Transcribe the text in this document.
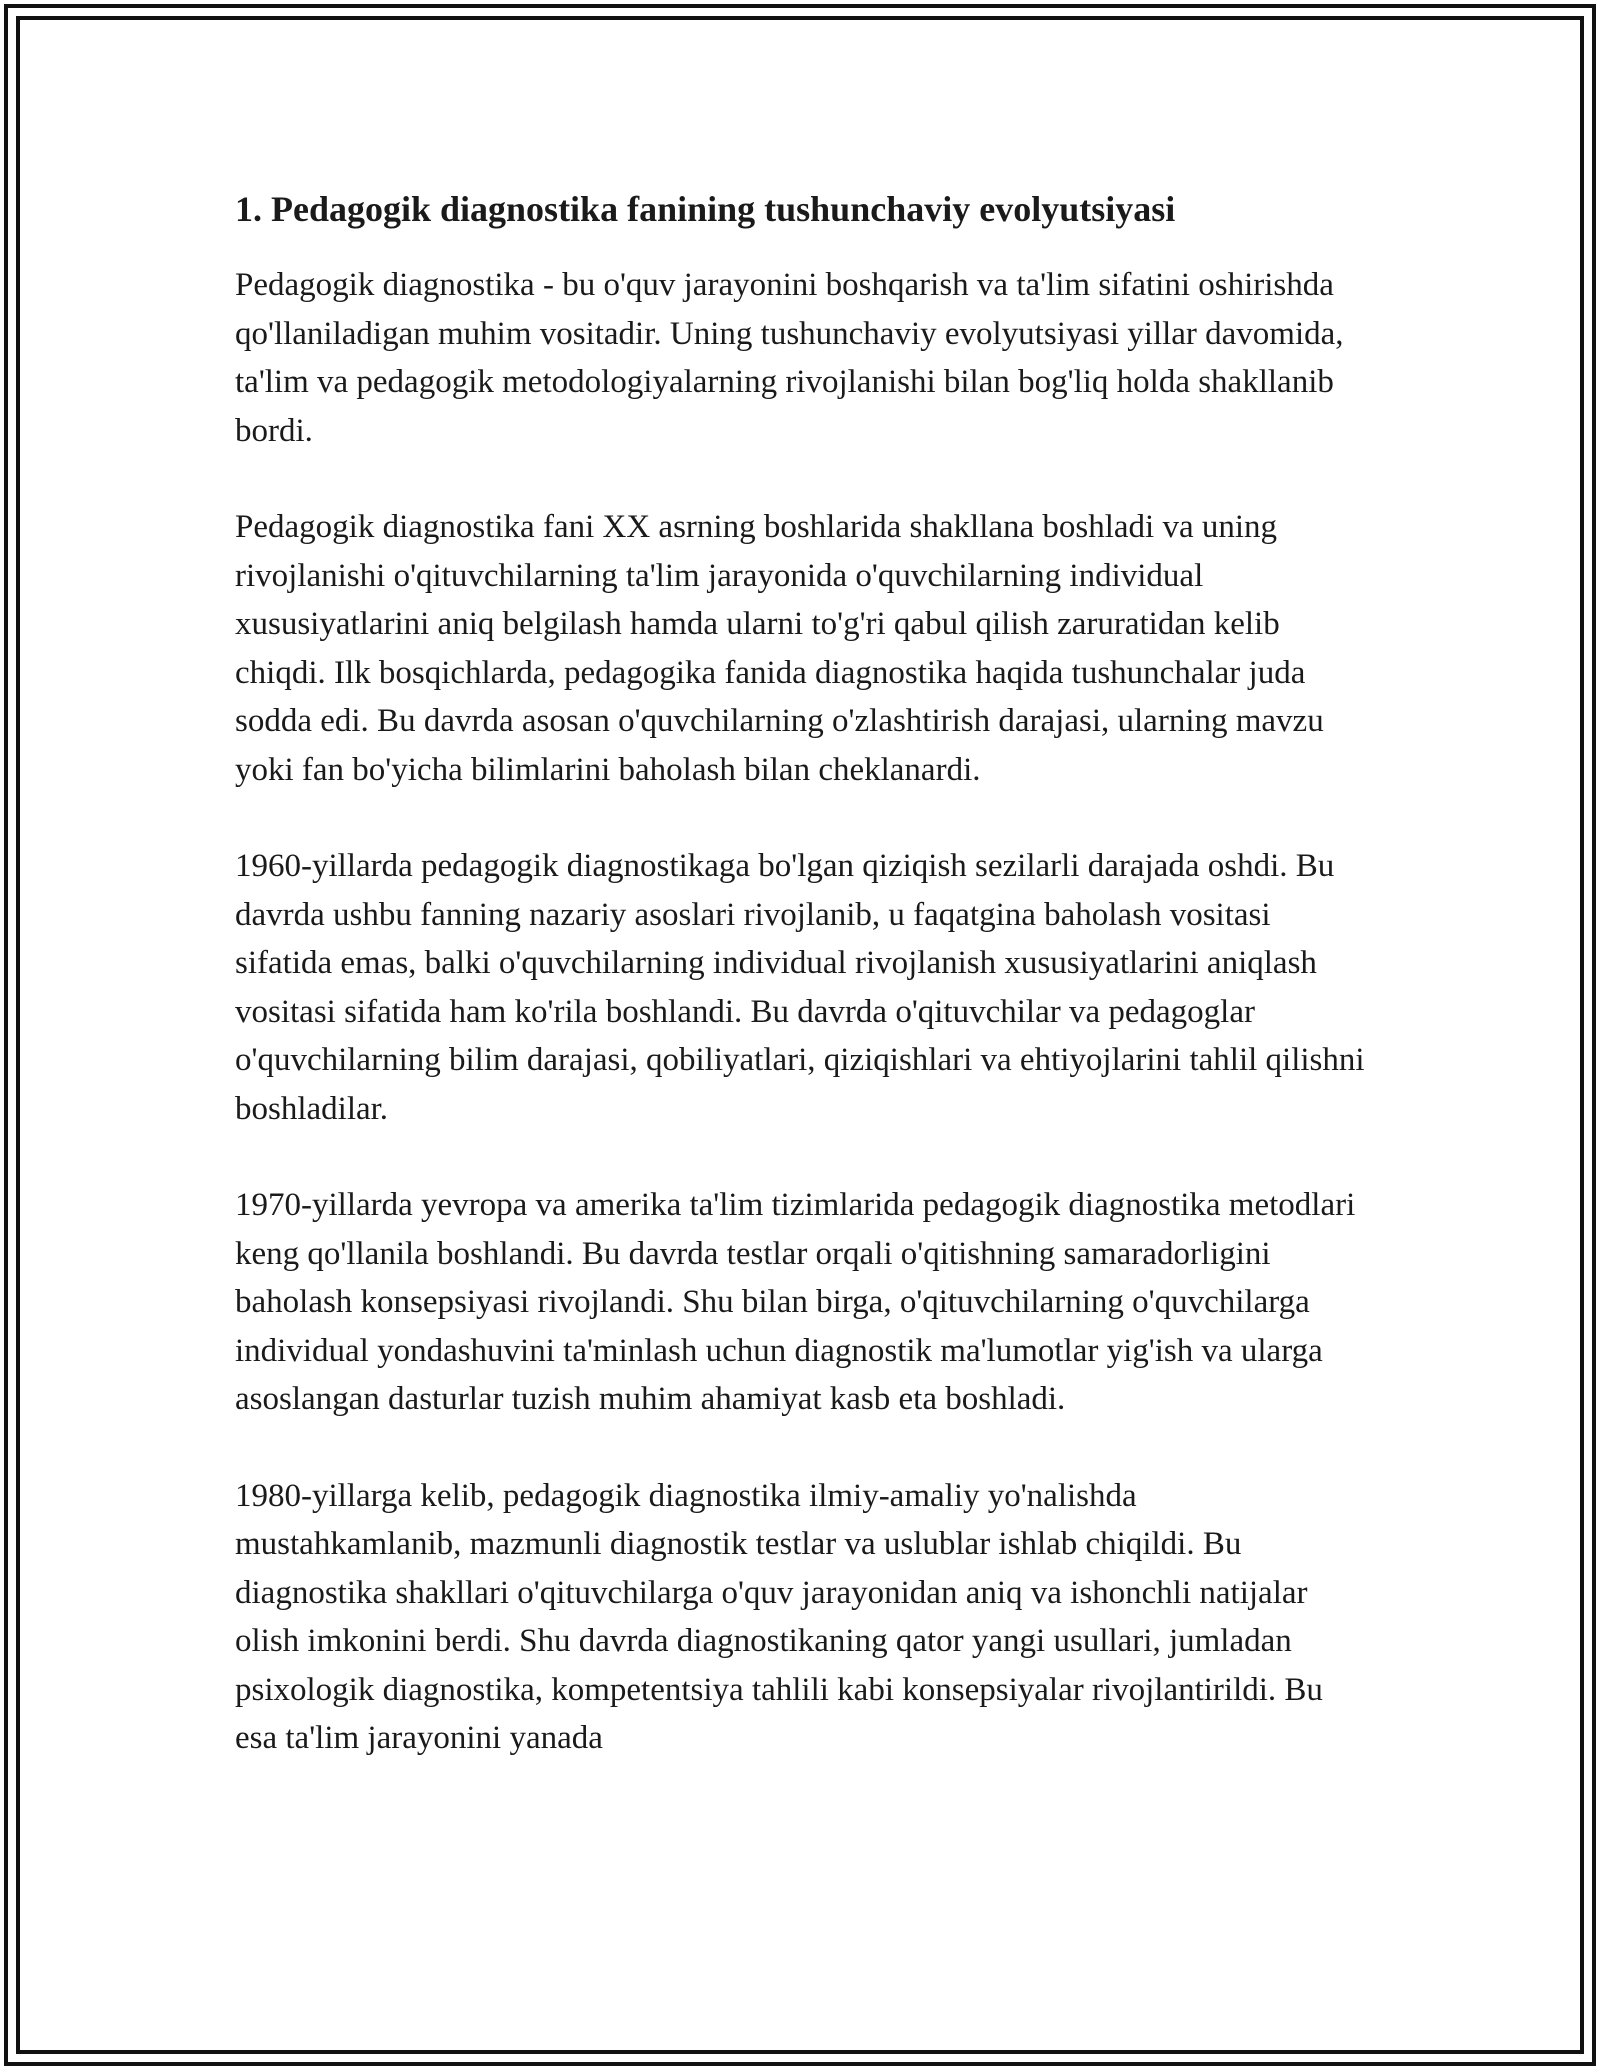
1. Pedagogik diagnostika fanining tushunchaviy evolyutsiyasi

Pedagogik diagnostika - bu o'quv jarayonini boshqarish va ta'lim sifatini oshirishda qo'llaniladigan muhim vositadir. Uning tushunchaviy evolyutsiyasi yillar davomida, ta'lim va pedagogik metodologiyalarning rivojlanishi bilan bog'liq holda shakllanib bordi.

Pedagogik diagnostika fani XX asrning boshlarida shakllana boshladi va uning rivojlanishi o'qituvchilarning ta'lim jarayonida o'quvchilarning individual xususiyatlarini aniq belgilash hamda ularni to'g'ri qabul qilish zaruratidan kelib chiqdi. Ilk bosqichlarda, pedagogika fanida diagnostika haqida tushunchalar juda sodda edi. Bu davrda asosan o'quvchilarning o'zlashtirish darajasi, ularning mavzu yoki fan bo'yicha bilimlarini baholash bilan cheklanardi.

1960-yillarda pedagogik diagnostikaga bo'lgan qiziqish sezilarli darajada oshdi. Bu davrda ushbu fanning nazariy asoslari rivojlanib, u faqatgina baholash vositasi sifatida emas, balki o'quvchilarning individual rivojlanish xususiyatlarini aniqlash vositasi sifatida ham ko'rila boshlandi. Bu davrda o'qituvchilar va pedagoglar o'quvchilarning bilim darajasi, qobiliyatlari, qiziqishlari va ehtiyojlarini tahlil qilishni boshladilar.

1970-yillarda yevropa va amerika ta'lim tizimlarida pedagogik diagnostika metodlari keng qo'llanila boshlandi. Bu davrda testlar orqali o'qitishning samaradorligini baholash konsepsiyasi rivojlandi. Shu bilan birga, o'qituvchilarning o'quvchilarga individual yondashuvini ta'minlash uchun diagnostik ma'lumotlar yig'ish va ularga asoslangan dasturlar tuzish muhim ahamiyat kasb eta boshladi.

1980-yillarga kelib, pedagogik diagnostika ilmiy-amaliy yo'nalishda mustahkamlanib, mazmunli diagnostik testlar va uslublar ishlab chiqildi. Bu diagnostika shakllari o'qituvchilarga o'quv jarayonidan aniq va ishonchli natijalar olish imkonini berdi. Shu davrda diagnostikaning qator yangi usullari, jumladan psixologik diagnostika, kompetentsiya tahlili kabi konsepsiyalar rivojlantirildi. Bu esa ta'lim jarayonini yanada
